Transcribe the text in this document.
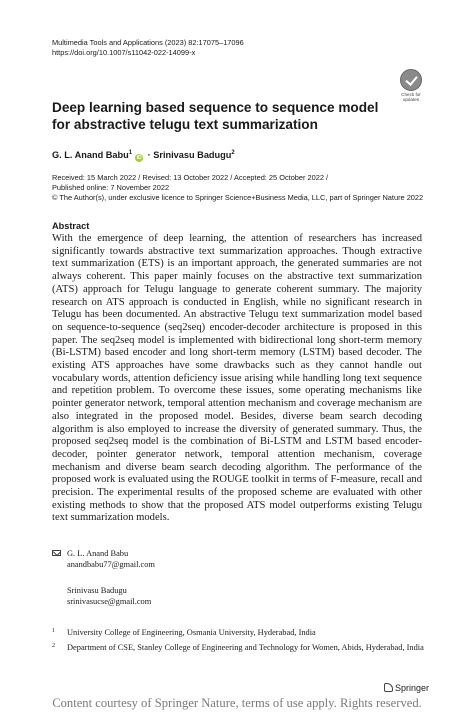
Multimedia Tools and Applications (2023) 82:17075–17096
https://doi.org/10.1007/s11042-022-14099-x
Check for
updates
Deep learning based sequence to sequence model for abstractive telugu text summarization
G. L. Anand Babu$^1$iD · Srinivasu Badugu$^2$
Received: 15 March 2022 / Revised: 13 October 2022 / Accepted: 25 October 2022 /
Published online: 7 November 2022
© The Author(s), under exclusive licence to Springer Science+Business Media, LLC, part of Springer Nature 2022
Abstract
With the emergence of deep learning, the attention of researchers has increased significantly towards abstractive text summarization approaches. Though extractive text summarization (ETS) is an important approach, the generated summaries are not always coherent. This paper mainly focuses on the abstractive text summarization (ATS) approach for Telugu language to generate coherent summary. The majority research on ATS approach is conducted in English, while no significant research in Telugu has been documented. An abstractive Telugu text summarization model based on sequence-to-sequence (seq2seq) encoder-decoder architecture is proposed in this paper. The seq2seq model is implemented with bidirectional long short-term memory (Bi-LSTM) based encoder and long short-term memory (LSTM) based decoder. The existing ATS approaches have some drawbacks such as they cannot handle out vocabulary words, attention deficiency issue arising while handling long text sequence and repetition problem. To overcome these issues, some operating mechanisms like pointer generator network, temporal attention mechanism and coverage mechanism are also integrated in the proposed model. Besides, diverse beam search decoding algorithm is also employed to increase the diversity of generated summary. Thus, the proposed seq2seq model is the combination of Bi-LSTM and LSTM based encoder-decoder, pointer generator network, temporal attention mechanism, coverage mechanism and diverse beam search decoding algorithm. The performance of the proposed work is evaluated using the ROUGE toolkit in terms of F-measure, recall and precision. The experimental results of the proposed scheme are evaluated with other existing methods to show that the proposed ATS model outperforms existing Telugu text summarization models.
G. L. Anand Babu
anandbabu77@gmail.com
Srinivasu Badugu
srinivasucse@gmail.com
1 University College of Engineering, Osmania University, Hyderabad, India
2 Department of CSE, Stanley College of Engineering and Technology for Women, Abids, Hyderabad, India
Springer
Content courtesy of Springer Nature, terms of use apply. Rights reserved.
